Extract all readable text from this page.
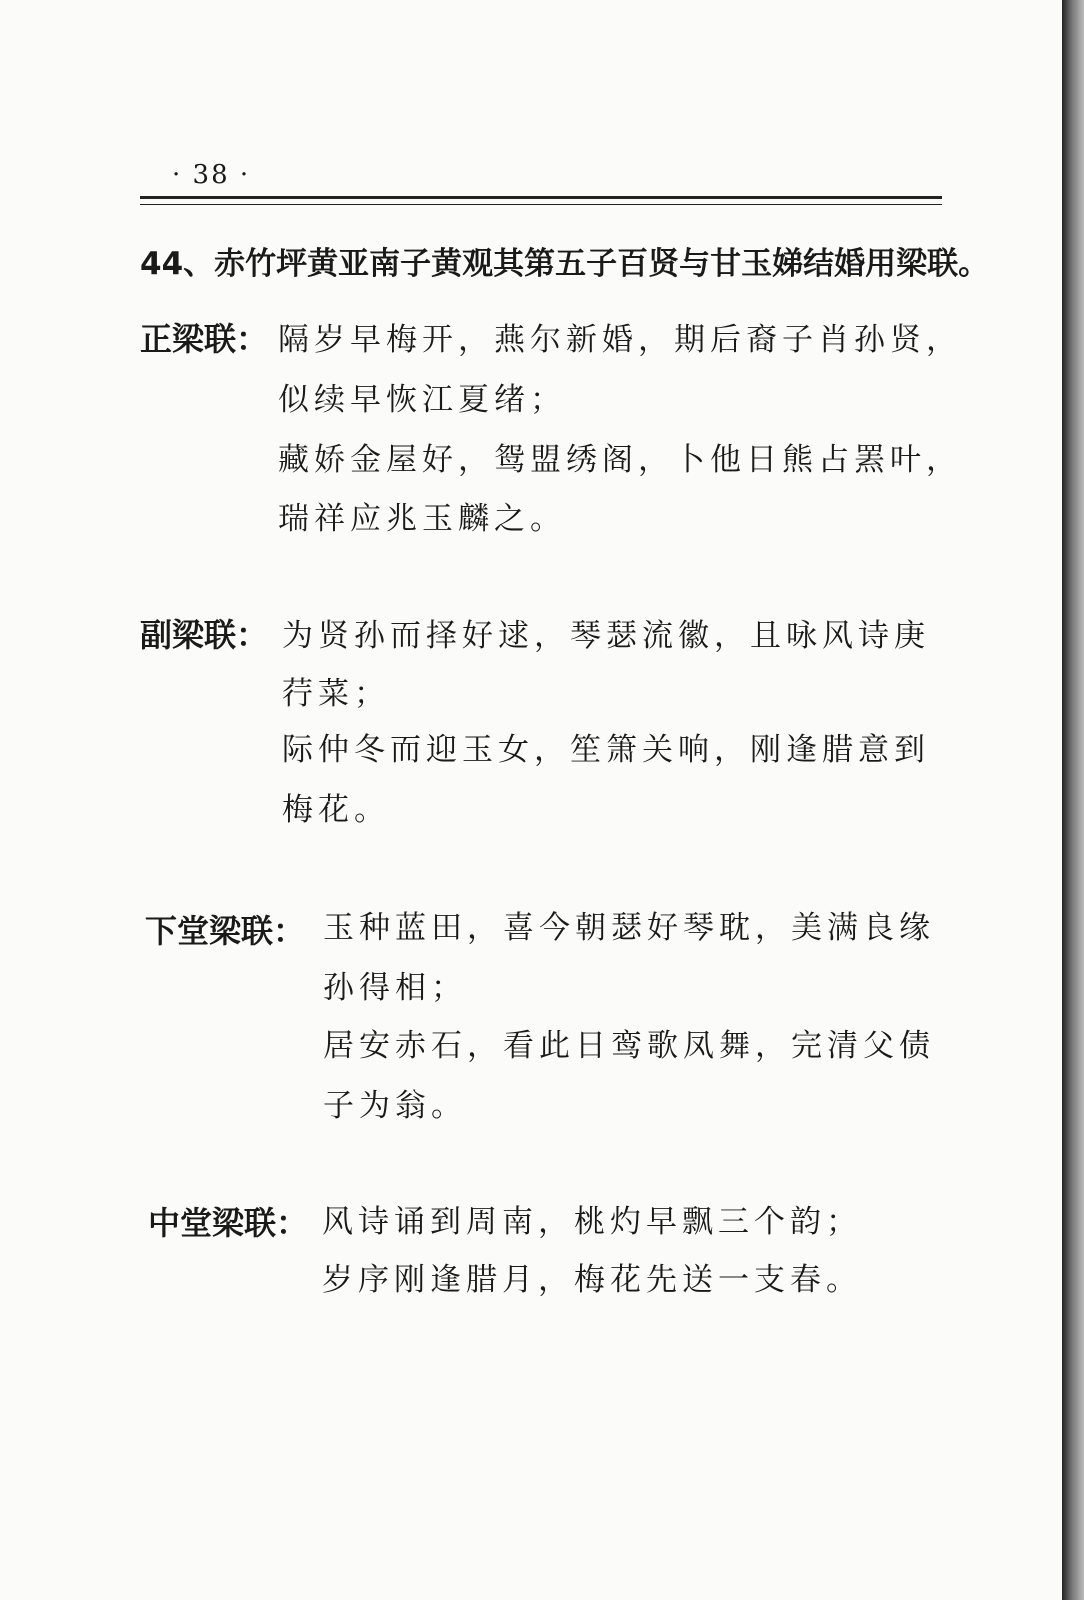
· 38 ·
44、赤竹坪黄亚南子黄观其第五子百贤与甘玉娣结婚用梁联。
正梁联： 隔岁早梅开，燕尔新婚，期后裔子肖孙贤，
似续早恢江夏绪；
藏娇金屋好，鸳盟绣阁，卜他日熊占罴叶，
瑞祥应兆玉麟之。
副梁联： 为贤孙而择好逑，琴瑟流徽，且咏风诗庚
荇菜；
际仲冬而迎玉女，笙箫关响，刚逢腊意到
梅花。
下堂梁联： 玉种蓝田，喜今朝瑟好琴耽，美满良缘
孙得相；
居安赤石，看此日鸾歌凤舞，完清父债
子为翁。
中堂梁联： 风诗诵到周南，桃灼早飘三个韵；
岁序刚逢腊月，梅花先送一支春。
